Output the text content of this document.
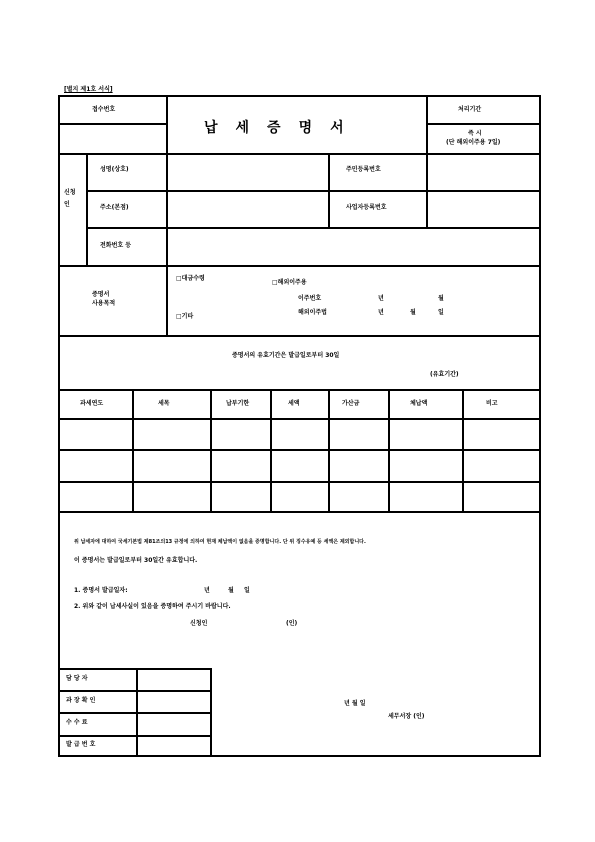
[별지 제1호 서식]
접수번호
납세증명서
처리기간
즉 시
(단 해외이주용 7일)
신청인
성명(상호)	주민등록번호
주소(본점)	사업자등록번호
전화번호 등
증명서
사용목적
□대금수령
□해외이주용
이주번호	년	월
□기타
해외이주법	년	월	일
증명서의 유효기간은 발급일로부터 30일
(유효기간)
과세연도	세목	납부기한	세액	가산금	체납액	비고
위 납세자에 대하여 국세기본법 제81조의13 규정에 의하여 현재 체납액이 없음을 증명합니다. 단 위 징수유예 등 세액은 제외합니다.
이 증명서는 발급일로부터 30일간 유효합니다.
1. 증명서 발급일자:	년	월 일
2. 위와 같이 납세사실이 있음을 증명하여 주시기 바랍니다.
신청인	(인)
담 당 자
과 장 확 인
수 수 료
발 급 번 호
년 월 일
세무서장 (인)
